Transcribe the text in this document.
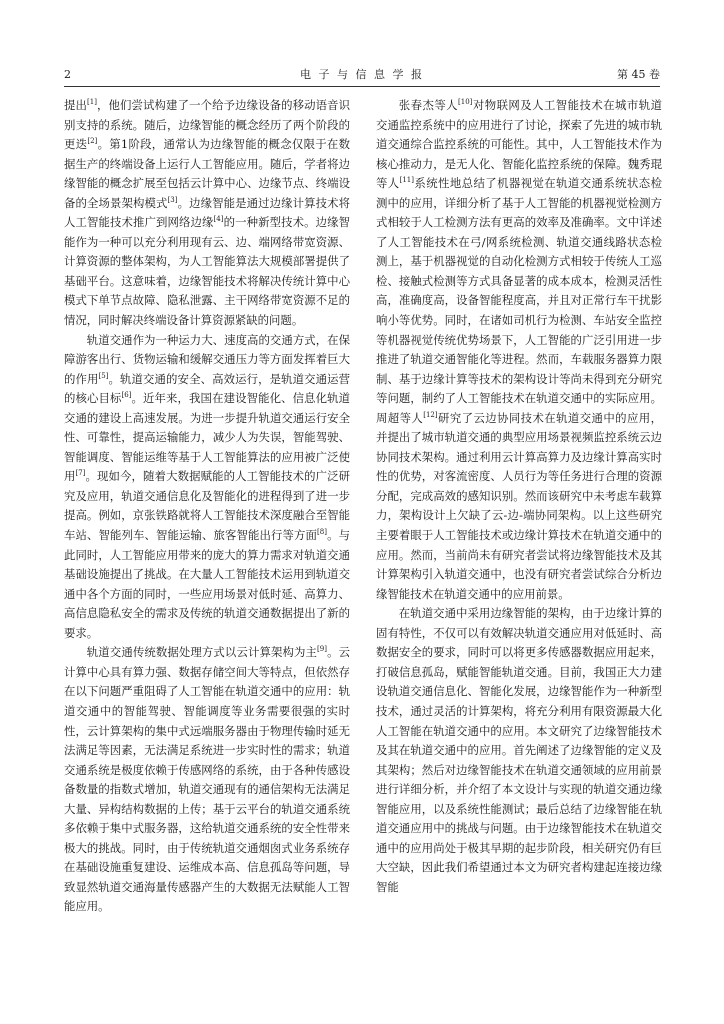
2	电 子 与 信 息 学 报	第 45 卷

提出[1]，他们尝试构建了一个给予边缘设备的移动语音识别支持的系统。随后，边缘智能的概念经历了两个阶段的更迭[2]。第1阶段，通常认为边缘智能的概念仅限于在数据生产的终端设备上运行人工智能应用。随后，学者将边缘智能的概念扩展至包括云计算中心、边缘节点、终端设备的全场景架构模式[3]。边缘智能是通过边缘计算技术将人工智能技术推广到网络边缘[4]的一种新型技术。边缘智能作为一种可以充分利用现有云、边、端网络带宽资源、计算资源的整体架构，为人工智能算法大规模部署提供了基础平台。这意味着，边缘智能技术将解决传统计算中心模式下单节点故障、隐私泄露、主干网络带宽资源不足的情况，同时解决终端设备计算资源紧缺的问题。

轨道交通作为一种运力大、速度高的交通方式，在保障游客出行、货物运输和缓解交通压力等方面发挥着巨大的作用[5]。轨道交通的安全、高效运行，是轨道交通运营的核心目标[6]。近年来，我国在建设智能化、信息化轨道交通的建设上高速发展。为进一步提升轨道交通运行安全性、可靠性，提高运输能力，减少人为失误，智能驾驶、智能调度、智能运维等基于人工智能算法的应用被广泛使用[7]。现如今，随着大数据赋能的人工智能技术的广泛研究及应用，轨道交通信息化及智能化的进程得到了进一步提高。例如，京张铁路就将人工智能技术深度融合至智能车站、智能列车、智能运输、旅客智能出行等方面[8]。与此同时，人工智能应用带来的庞大的算力需求对轨道交通基础设施提出了挑战。在大量人工智能技术运用到轨道交通中各个方面的同时，一些应用场景对低时延、高算力、高信息隐私安全的需求及传统的轨道交通数据提出了新的要求。

轨道交通传统数据处理方式以云计算架构为主[9]。云计算中心具有算力强、数据存储空间大等特点，但依然存在以下问题严重阻碍了人工智能在轨道交通中的应用：轨道交通中的智能驾驶、智能调度等业务需要很强的实时性，云计算架构的集中式远端服务器由于物理传输时延无法满足等因素，无法满足系统进一步实时性的需求；轨道交通系统是极度依赖于传感网络的系统，由于各种传感设备数量的指数式增加，轨道交通现有的通信架构无法满足大量、异构结构数据的上传；基于云平台的轨道交通系统多依赖于集中式服务器，这给轨道交通系统的安全性带来极大的挑战。同时，由于传统轨道交通烟囱式业务系统存在基础设施重复建设、运维成本高、信息孤岛等问题，导致显然轨道交通海量传感器产生的大数据无法赋能人工智能应用。

张春杰等人[10]对物联网及人工智能技术在城市轨道交通监控系统中的应用进行了讨论，探索了先进的城市轨道交通综合监控系统的可能性。其中，人工智能技术作为核心推动力，是无人化、智能化监控系统的保障。魏秀琨等人[11]系统性地总结了机器视觉在轨道交通系统状态检测中的应用，详细分析了基于人工智能的机器视觉检测方式相较于人工检测方法有更高的效率及准确率。文中详述了人工智能技术在弓/网系统检测、轨道交通线路状态检测上，基于机器视觉的自动化检测方式相较于传统人工巡检、接触式检测等方式具备显著的成本成本，检测灵活性高，准确度高，设备智能程度高，并且对正常行车干扰影响小等优势。同时，在诸如司机行为检测、车站安全监控等机器视觉传统优势场景下，人工智能的广泛引用进一步推进了轨道交通智能化等进程。然而，车载服务器算力限制、基于边缘计算等技术的架构设计等尚未得到充分研究等问题，制约了人工智能技术在轨道交通中的实际应用。周超等人[12]研究了云边协同技术在轨道交通中的应用，并提出了城市轨道交通的典型应用场景视频监控系统云边协同技术架构。通过利用云计算高算力及边缘计算高实时性的优势，对客流密度、人员行为等任务进行合理的资源分配，完成高效的感知识别。然而该研究中未考虑车载算力，架构设计上欠缺了云-边-端协同架构。以上这些研究主要着眼于人工智能技术或边缘计算技术在轨道交通中的应用。然而，当前尚未有研究者尝试将边缘智能技术及其计算架构引入轨道交通中，也没有研究者尝试综合分析边缘智能技术在轨道交通中的应用前景。

在轨道交通中采用边缘智能的架构，由于边缘计算的固有特性，不仅可以有效解决轨道交通应用对低延时、高数据安全的要求，同时可以将更多传感器数据应用起来，打破信息孤岛，赋能智能轨道交通。目前，我国正大力建设轨道交通信息化、智能化发展，边缘智能作为一种新型技术，通过灵活的计算架构，将充分利用有限资源最大化人工智能在轨道交通中的应用。本文研究了边缘智能技术及其在轨道交通中的应用。首先阐述了边缘智能的定义及其架构；然后对边缘智能技术在轨道交通领域的应用前景进行详细分析，并介绍了本文设计与实现的轨道交通边缘智能应用，以及系统性能测试；最后总结了边缘智能在轨道交通应用中的挑战与问题。由于边缘智能技术在轨道交通中的应用尚处于极其早期的起步阶段，相关研究仍有巨大空缺，因此我们希望通过本文为研究者构建起连接边缘智能
